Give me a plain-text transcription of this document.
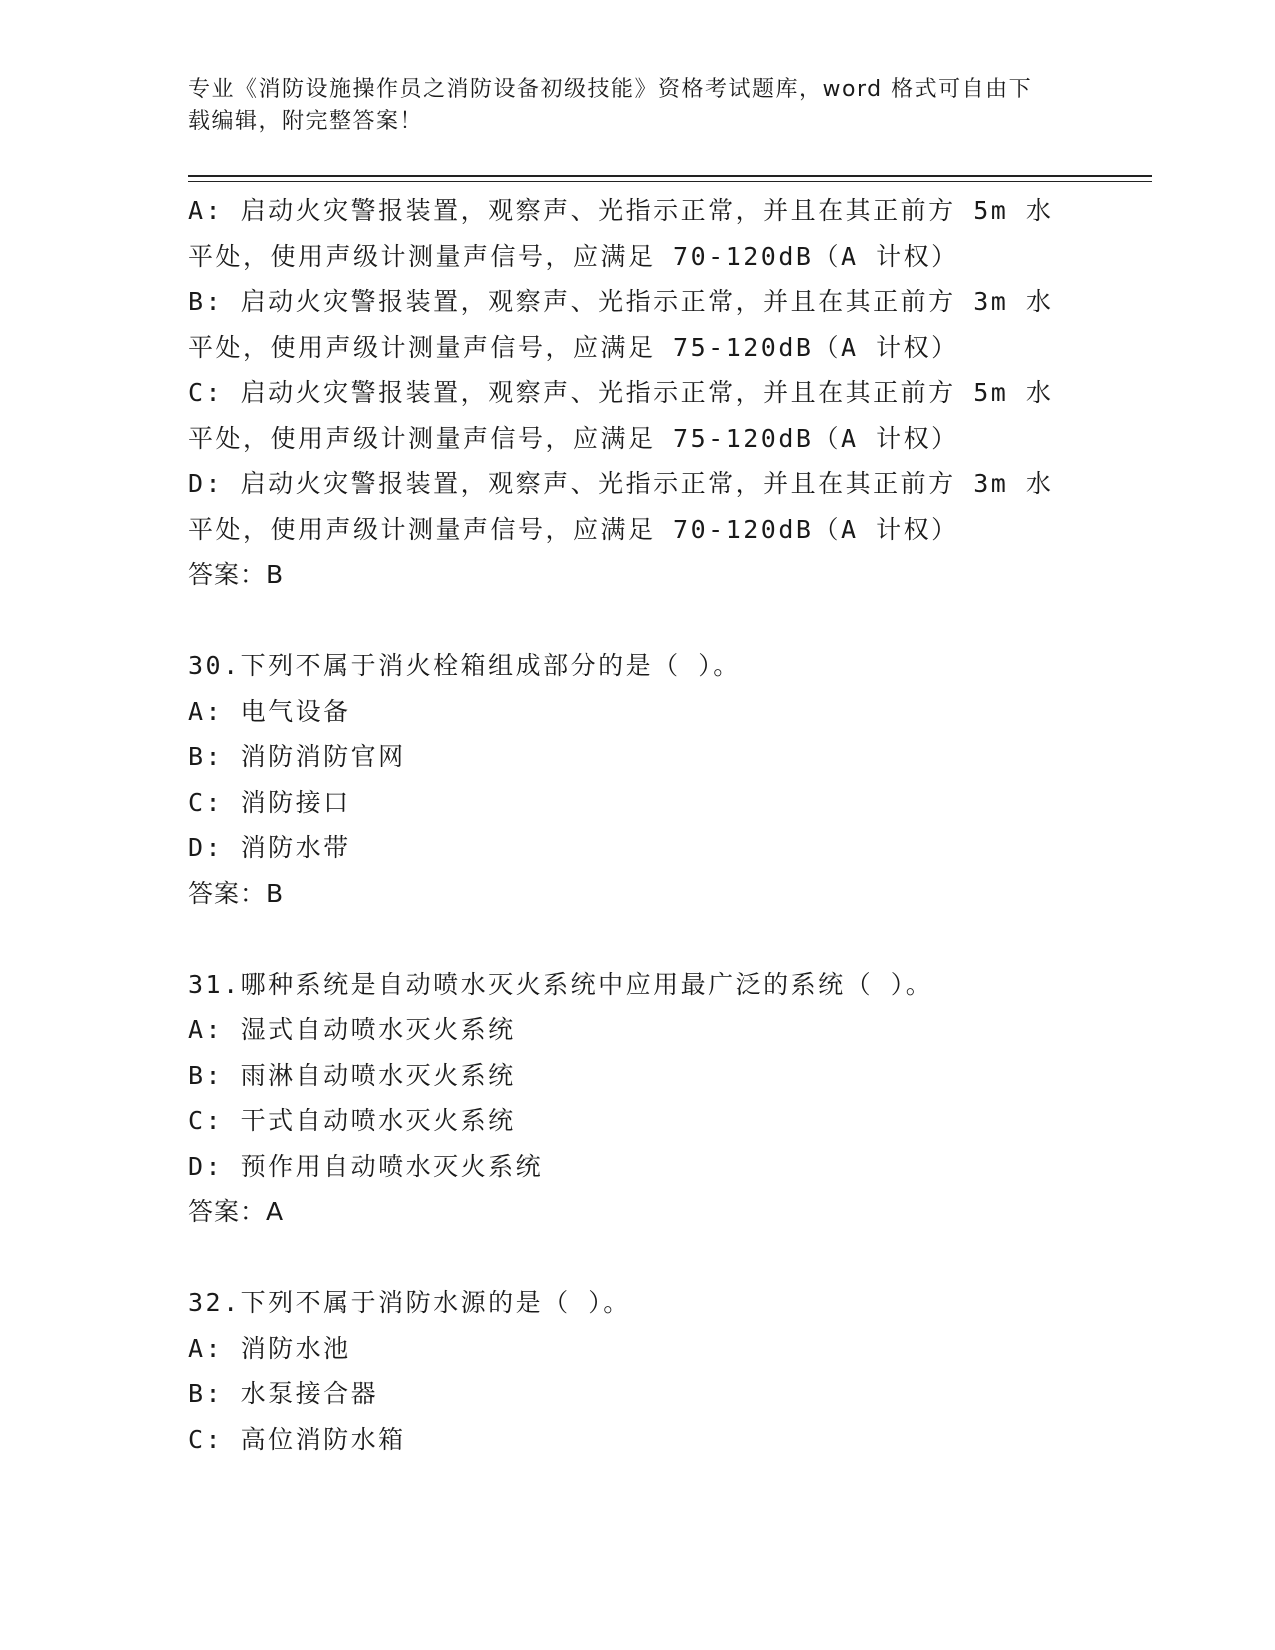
专业《消防设施操作员之消防设备初级技能》资格考试题库，word 格式可自由下
载编辑，附完整答案！
A: 启动火灾警报装置，观察声、光指示正常，并且在其正前方 5m 水
平处，使用声级计测量声信号，应满足 70-120dB（A 计权）
B: 启动火灾警报装置，观察声、光指示正常，并且在其正前方 3m 水
平处，使用声级计测量声信号，应满足 75-120dB（A 计权）
C: 启动火灾警报装置，观察声、光指示正常，并且在其正前方 5m 水
平处，使用声级计测量声信号，应满足 75-120dB（A 计权）
D: 启动火灾警报装置，观察声、光指示正常，并且在其正前方 3m 水
平处，使用声级计测量声信号，应满足 70-120dB（A 计权）
答案：B
30.下列不属于消火栓箱组成部分的是（ ）。
A: 电气设备
B: 消防消防官网
C: 消防接口
D: 消防水带
答案：B
31.哪种系统是自动喷水灭火系统中应用最广泛的系统（ ）。
A: 湿式自动喷水灭火系统
B: 雨淋自动喷水灭火系统
C: 干式自动喷水灭火系统
D: 预作用自动喷水灭火系统
答案：A
32.下列不属于消防水源的是（ ）。
A: 消防水池
B: 水泵接合器
C: 高位消防水箱
